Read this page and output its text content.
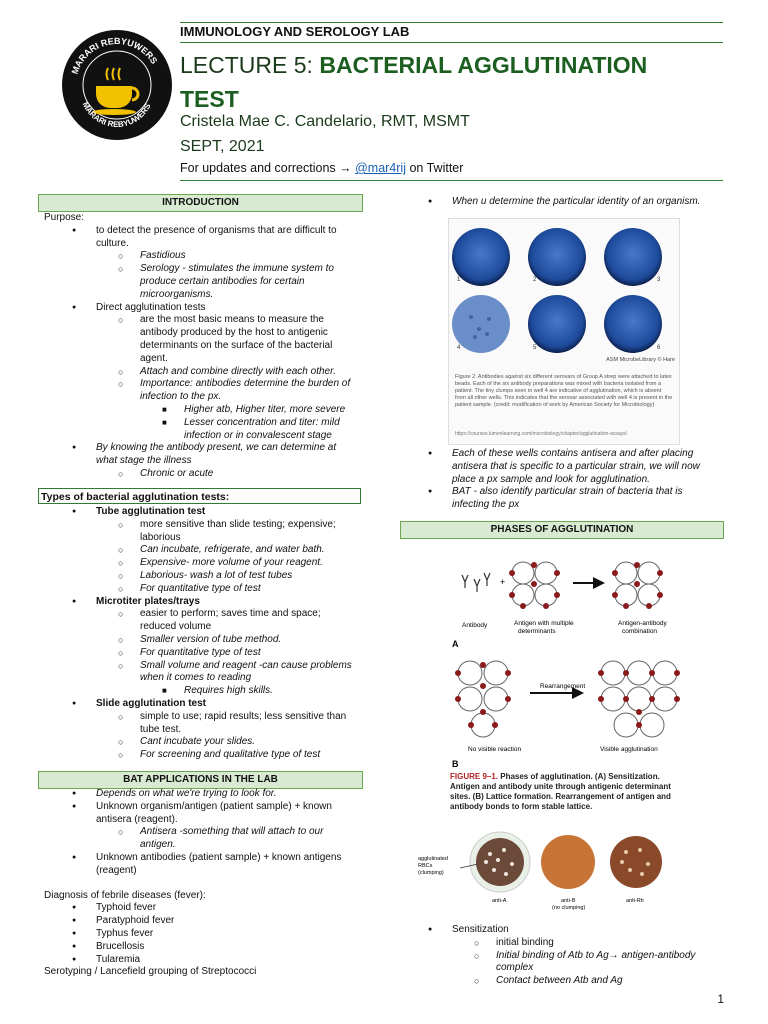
MARARI REBYUWERS
MARARI REBYUWERS
IMMUNOLOGY AND SEROLOGY LAB
LECTURE 5: BACTERIAL AGGLUTINATION
TEST
Cristela Mae C. Candelario, RMT, MSMT
SEPT, 2021
For updates and corrections → @mar4rij on Twitter
INTRODUCTION
Purpose:
● to detect the presence of organisms that are difficult to
culture.
○ Fastidious
○ Serology - stimulates the immune system to
produce certain antibodies for certain
microorganisms.
● Direct agglutination tests
○ are the most basic means to measure the
antibody produced by the host to antigenic
determinants on the surface of the bacterial
agent.
○ Attach and combine directly with each other.
○ Importance: antibodies determine the burden of
infection to the px.
■ Higher atb, Higher titer, more severe
■ Lesser concentration and titer: mild
infection or in convalescent stage
● By knowing the antibody present, we can determine at
what stage the illness
○ Chronic or acute
Types of bacterial agglutination tests:
● Tube agglutination test
○ more sensitive than slide testing; expensive;
laborious
○ Can incubate, refrigerate, and water bath.
○ Expensive- more volume of your reagent.
○ Laborious- wash a lot of test tubes
○ For quantitative type of test
● Microtiter plates/trays
○ easier to perform; saves time and space;
reduced volume
○ Smaller version of tube method.
○ For quantitative type of test
○ Small volume and reagent -can cause problems
when it comes to reading
■ Requires high skills.
● Slide agglutination test
○ simple to use; rapid results; less sensitive than
tube test.
○ Cant incubate your slides.
○ For screening and qualitative type of test
BAT APPLICATIONS IN THE LAB
● Depends on what we're trying to look for.
● Unknown organism/antigen (patient sample) + known
antisera (reagent).
○ Antisera -something that will attach to our
antigen.
● Unknown antibodies (patient sample) + known antigens
(reagent)
Diagnosis of febrile diseases (fever):
● Typhoid fever
● Paratyphoid fever
● Typhus fever
● Brucellosis
● Tularemia
Serotyping / Lancefield grouping of Streptococci
● When u determine the particular identity of an organism.
1	2	3
4	5	6
ASM MicrobeLibrary © Hare
Figure 2. Antibodies against six different serovars of Group A strep were attached to latex beads. Each of the six antibody preparations was mixed with bacteria isolated from a patient. The tiny clumps seen in well 4 are indicative of agglutination, which is absent from all other wells. This indicates that the serovar associated with well 4 is present in the patient sample. (credit: modification of work by American Society for Microbiology)
https://courses.lumenlearning.com/microbiology/chapter/agglutination-assays/
● Each of these wells contains antisera and after placing
antisera that is specific to a particular strain, we will now
place a px sample and look for agglutination.
● BAT - also identify particular strain of bacteria that is
infecting the px
PHASES OF AGGLUTINATION
+
Antibody	Antigen with multiple
determinants
Antigen-antibody
combination
A
Rearrangement
No visible reaction	Visible agglutination
B
FIGURE 9–1. Phases of agglutination. (A) Sensitization. Antigen and antibody unite through antigenic determinant sites. (B) Lattice formation. Rearrangement of antigen and antibody bonds to form stable lattice.
agglutinated
RBCs
(clumping)
anti-A	anti-B
(no clumping)
anti-Rh
● Sensitization
○ initial binding
○ Initial binding of Atb to Ag→ antigen-antibody
complex
○ Contact between Atb and Ag
1
